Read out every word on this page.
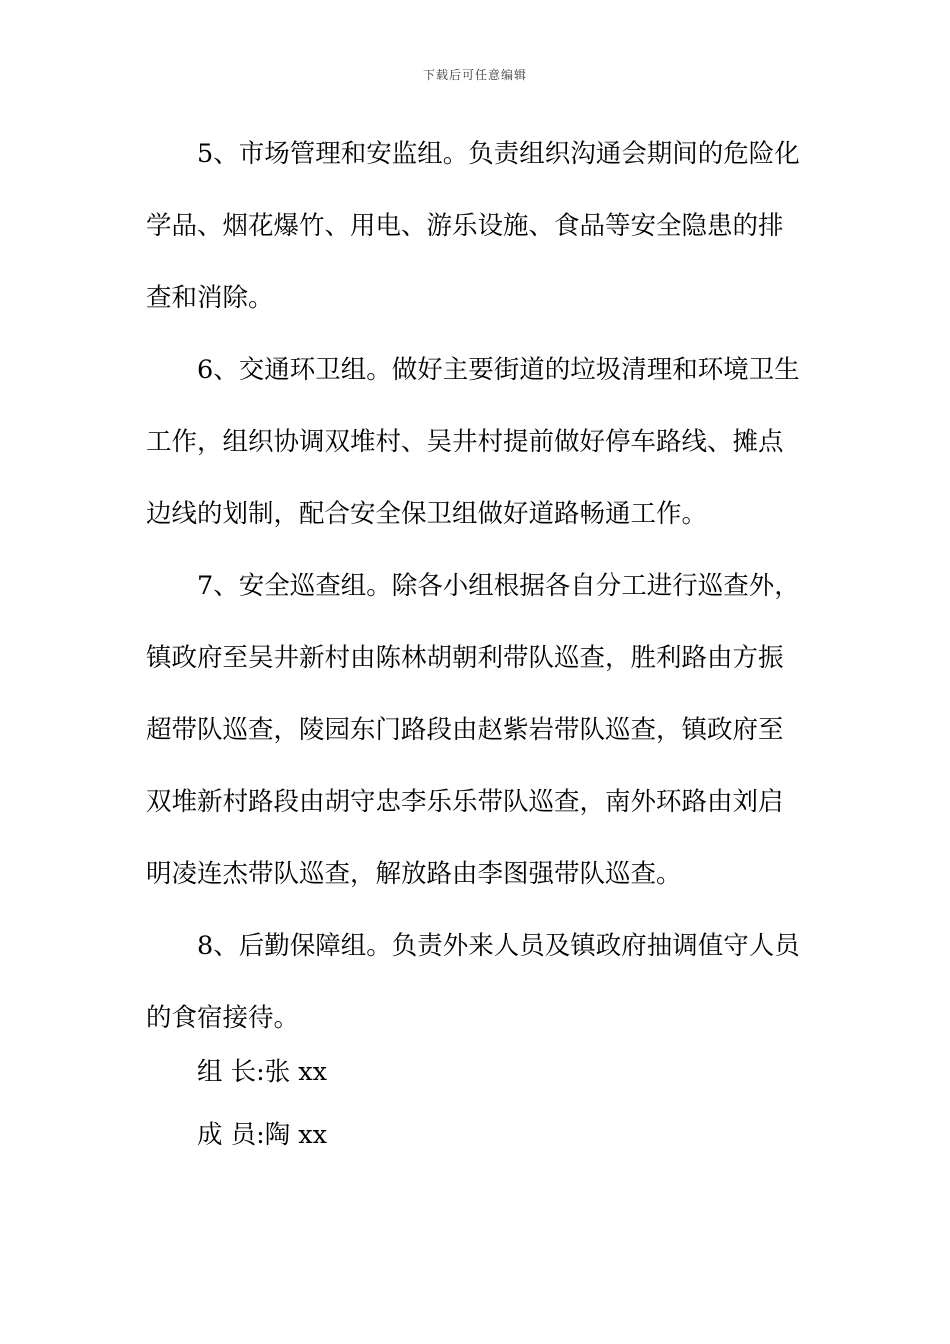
下载后可任意编辑
5、市场管理和安监组。负责组织沟通会期间的危险化
学品、烟花爆竹、用电、游乐设施、食品等安全隐患的排
查和消除。
6、交通环卫组。做好主要街道的垃圾清理和环境卫生
工作，组织协调双堆村、吴井村提前做好停车路线、摊点
边线的划制，配合安全保卫组做好道路畅通工作。
7、安全巡查组。除各小组根据各自分工进行巡查外，
镇政府至吴井新村由陈林胡朝利带队巡查，胜利路由方振
超带队巡查，陵园东门路段由赵紫岩带队巡查，镇政府至
双堆新村路段由胡守忠李乐乐带队巡查，南外环路由刘启
明凌连杰带队巡查，解放路由李图强带队巡查。
8、后勤保障组。负责外来人员及镇政府抽调值守人员
的食宿接待。
组 长:张 xx
成 员:陶 xx
